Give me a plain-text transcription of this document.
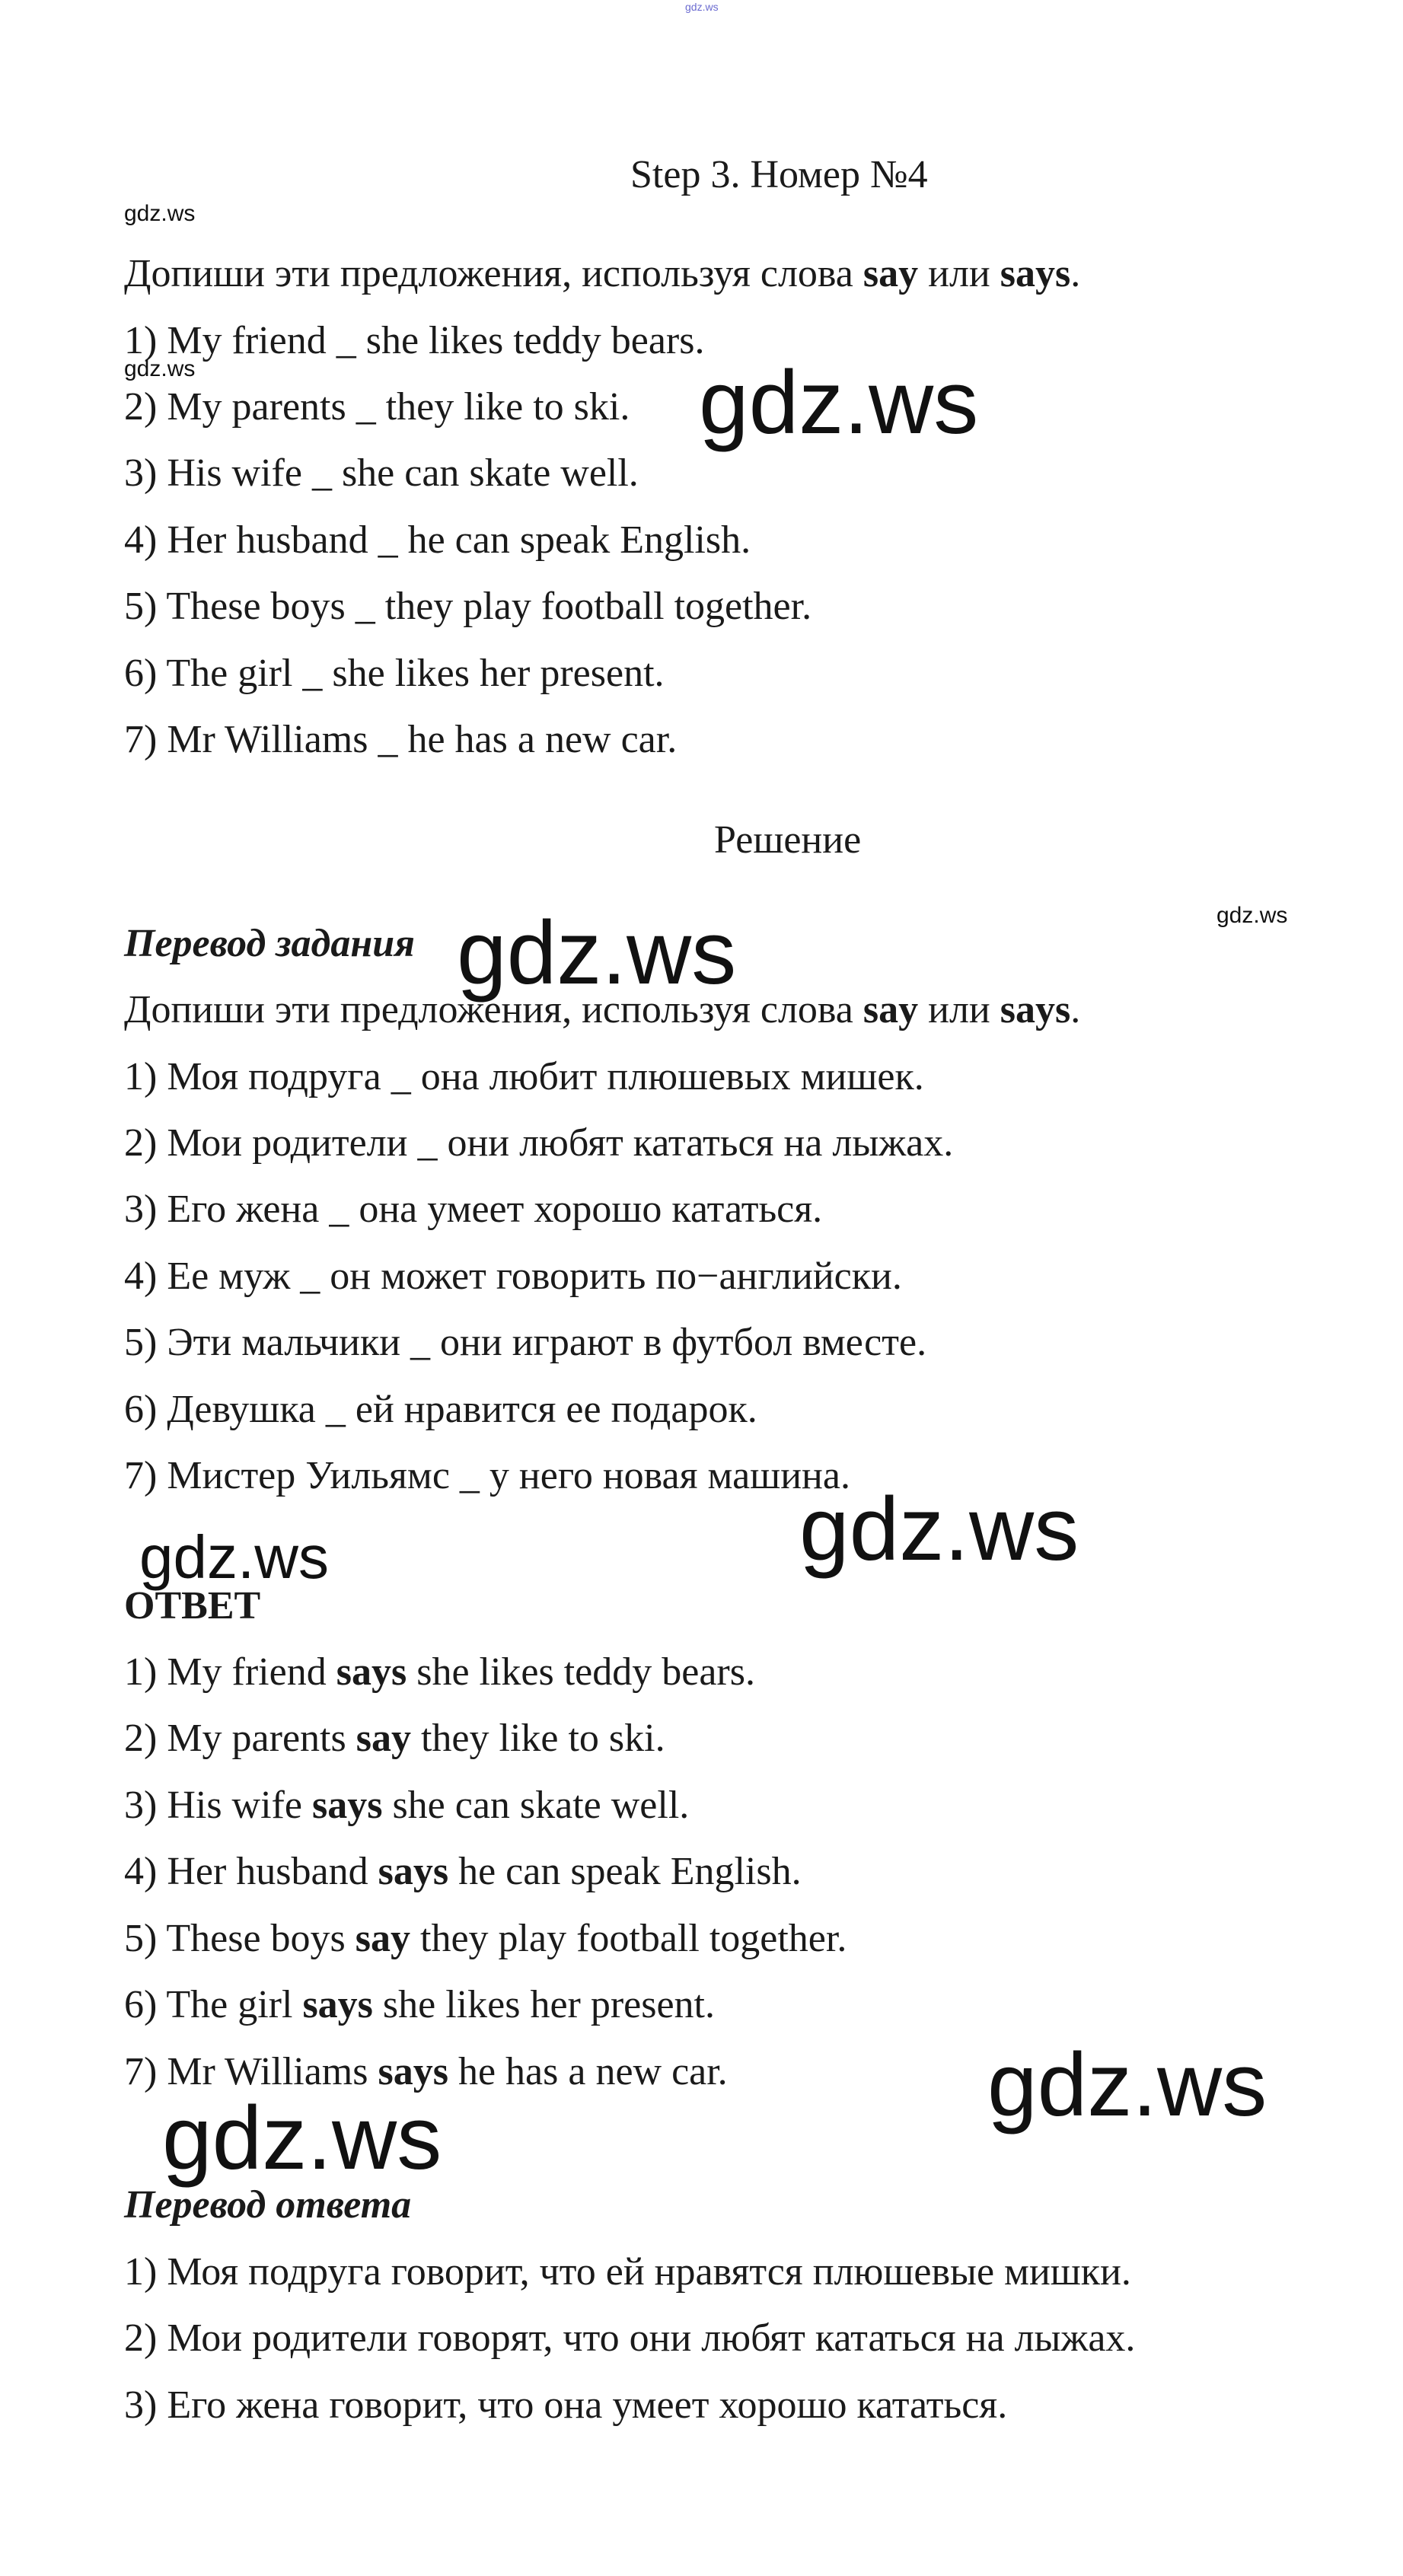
gdz.ws
Step 3. Номер №4
gdz.ws
Допиши эти предложения, используя слова say или says.
1) My friend _ she likes teddy bears.
gdz.ws
2) My parents _ they like to ski.
3) His wife _ she can skate well.
4) Her husband _ he can speak English.
5) These boys _ they play football together.
6) The girl _ she likes her present.
7) Mr Williams _ he has a new car.
gdz.ws
Решение
gdz.ws
Перевод задания gdz.ws
Допиши эти предложения, используя слова say или says.
1) Моя подруга _ она любит плюшевых мишек.
2) Мои родители _ они любят кататься на лыжах.
3) Его жена _ она умеет хорошо кататься.
4) Ее муж _ он может говорить по−английски.
5) Эти мальчики _ они играют в футбол вместе.
6) Девушка _ ей нравится ее подарок.
7) Мистер Уильямс _ у него новая машина.
gdz.ws
gdz.ws
ОТВЕТ
1) My friend says she likes teddy bears.
2) My parents say they like to ski.
3) His wife says she can skate well.
4) Her husband says he can speak English.
5) These boys say they play football together.
6) The girl says she likes her present.
7) Mr Williams says he has a new car.	gdz.ws
gdz.ws
Перевод ответа
1) Моя подруга говорит, что ей нравятся плюшевые мишки.
2) Мои родители говорят, что они любят кататься на лыжах.
3) Его жена говорит, что она умеет хорошо кататься.
